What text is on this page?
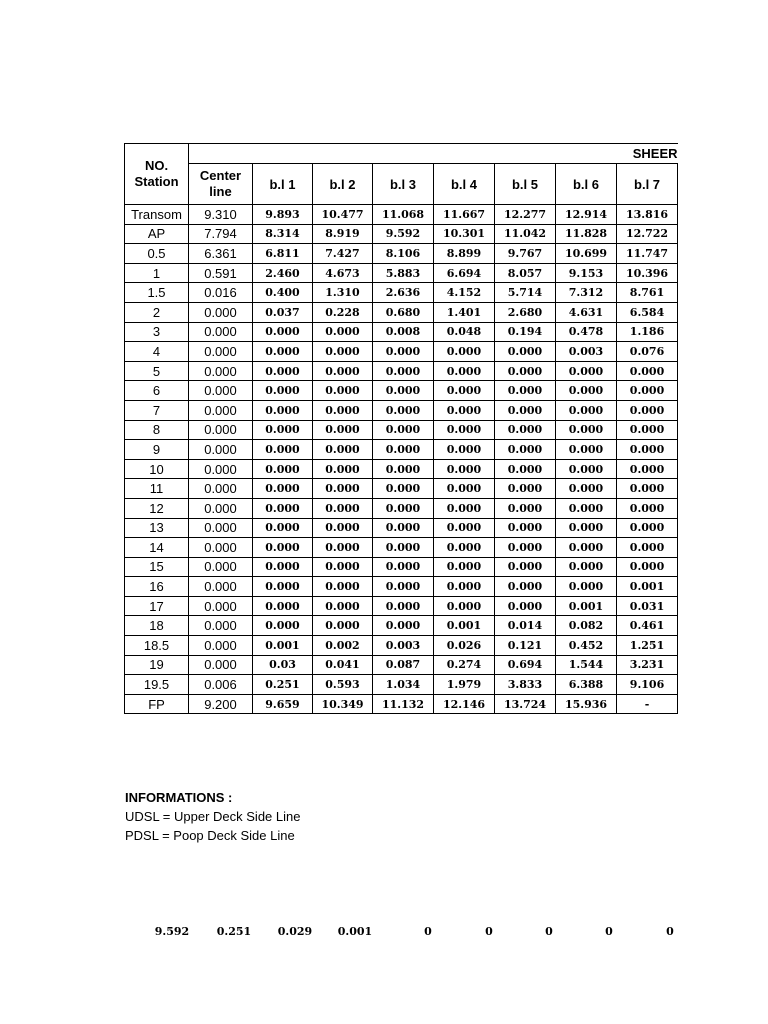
NO.
Station	SHEER							
	Center line	b.l 1	b.l 2	b.l 3	b.l 4	b.l 5	b.l 6	b.l 7
Transom	9.310	9.893	10.477	11.068	11.667	12.277	12.914	13.816
AP	7.794	8.314	8.919	9.592	10.301	11.042	11.828	12.722
0.5	6.361	6.811	7.427	8.106	8.899	9.767	10.699	11.747
1	0.591	2.460	4.673	5.883	6.694	8.057	9.153	10.396
1.5	0.016	0.400	1.310	2.636	4.152	5.714	7.312	8.761
2	0.000	0.037	0.228	0.680	1.401	2.680	4.631	6.584
3	0.000	0.000	0.000	0.008	0.048	0.194	0.478	1.186
4	0.000	0.000	0.000	0.000	0.000	0.000	0.003	0.076
5	0.000	0.000	0.000	0.000	0.000	0.000	0.000	0.000
6	0.000	0.000	0.000	0.000	0.000	0.000	0.000	0.000
7	0.000	0.000	0.000	0.000	0.000	0.000	0.000	0.000
8	0.000	0.000	0.000	0.000	0.000	0.000	0.000	0.000
9	0.000	0.000	0.000	0.000	0.000	0.000	0.000	0.000
10	0.000	0.000	0.000	0.000	0.000	0.000	0.000	0.000
11	0.000	0.000	0.000	0.000	0.000	0.000	0.000	0.000
12	0.000	0.000	0.000	0.000	0.000	0.000	0.000	0.000
13	0.000	0.000	0.000	0.000	0.000	0.000	0.000	0.000
14	0.000	0.000	0.000	0.000	0.000	0.000	0.000	0.000
15	0.000	0.000	0.000	0.000	0.000	0.000	0.000	0.000
16	0.000	0.000	0.000	0.000	0.000	0.000	0.000	0.001
17	0.000	0.000	0.000	0.000	0.000	0.000	0.001	0.031
18	0.000	0.000	0.000	0.000	0.001	0.014	0.082	0.461
18.5	0.000	0.001	0.002	0.003	0.026	0.121	0.452	1.251
19	0.000	0.03	0.041	0.087	0.274	0.694	1.544	3.231
19.5	0.006	0.251	0.593	1.034	1.979	3.833	6.388	9.106
FP	9.200	9.659	10.349	11.132	12.146	13.724	15.936	-
INFORMATIONS :
UDSL = Upper Deck Side Line
PDSL = Poop Deck Side Line
9.592	0.251	0.029	0.001	0	0	0	0	0
